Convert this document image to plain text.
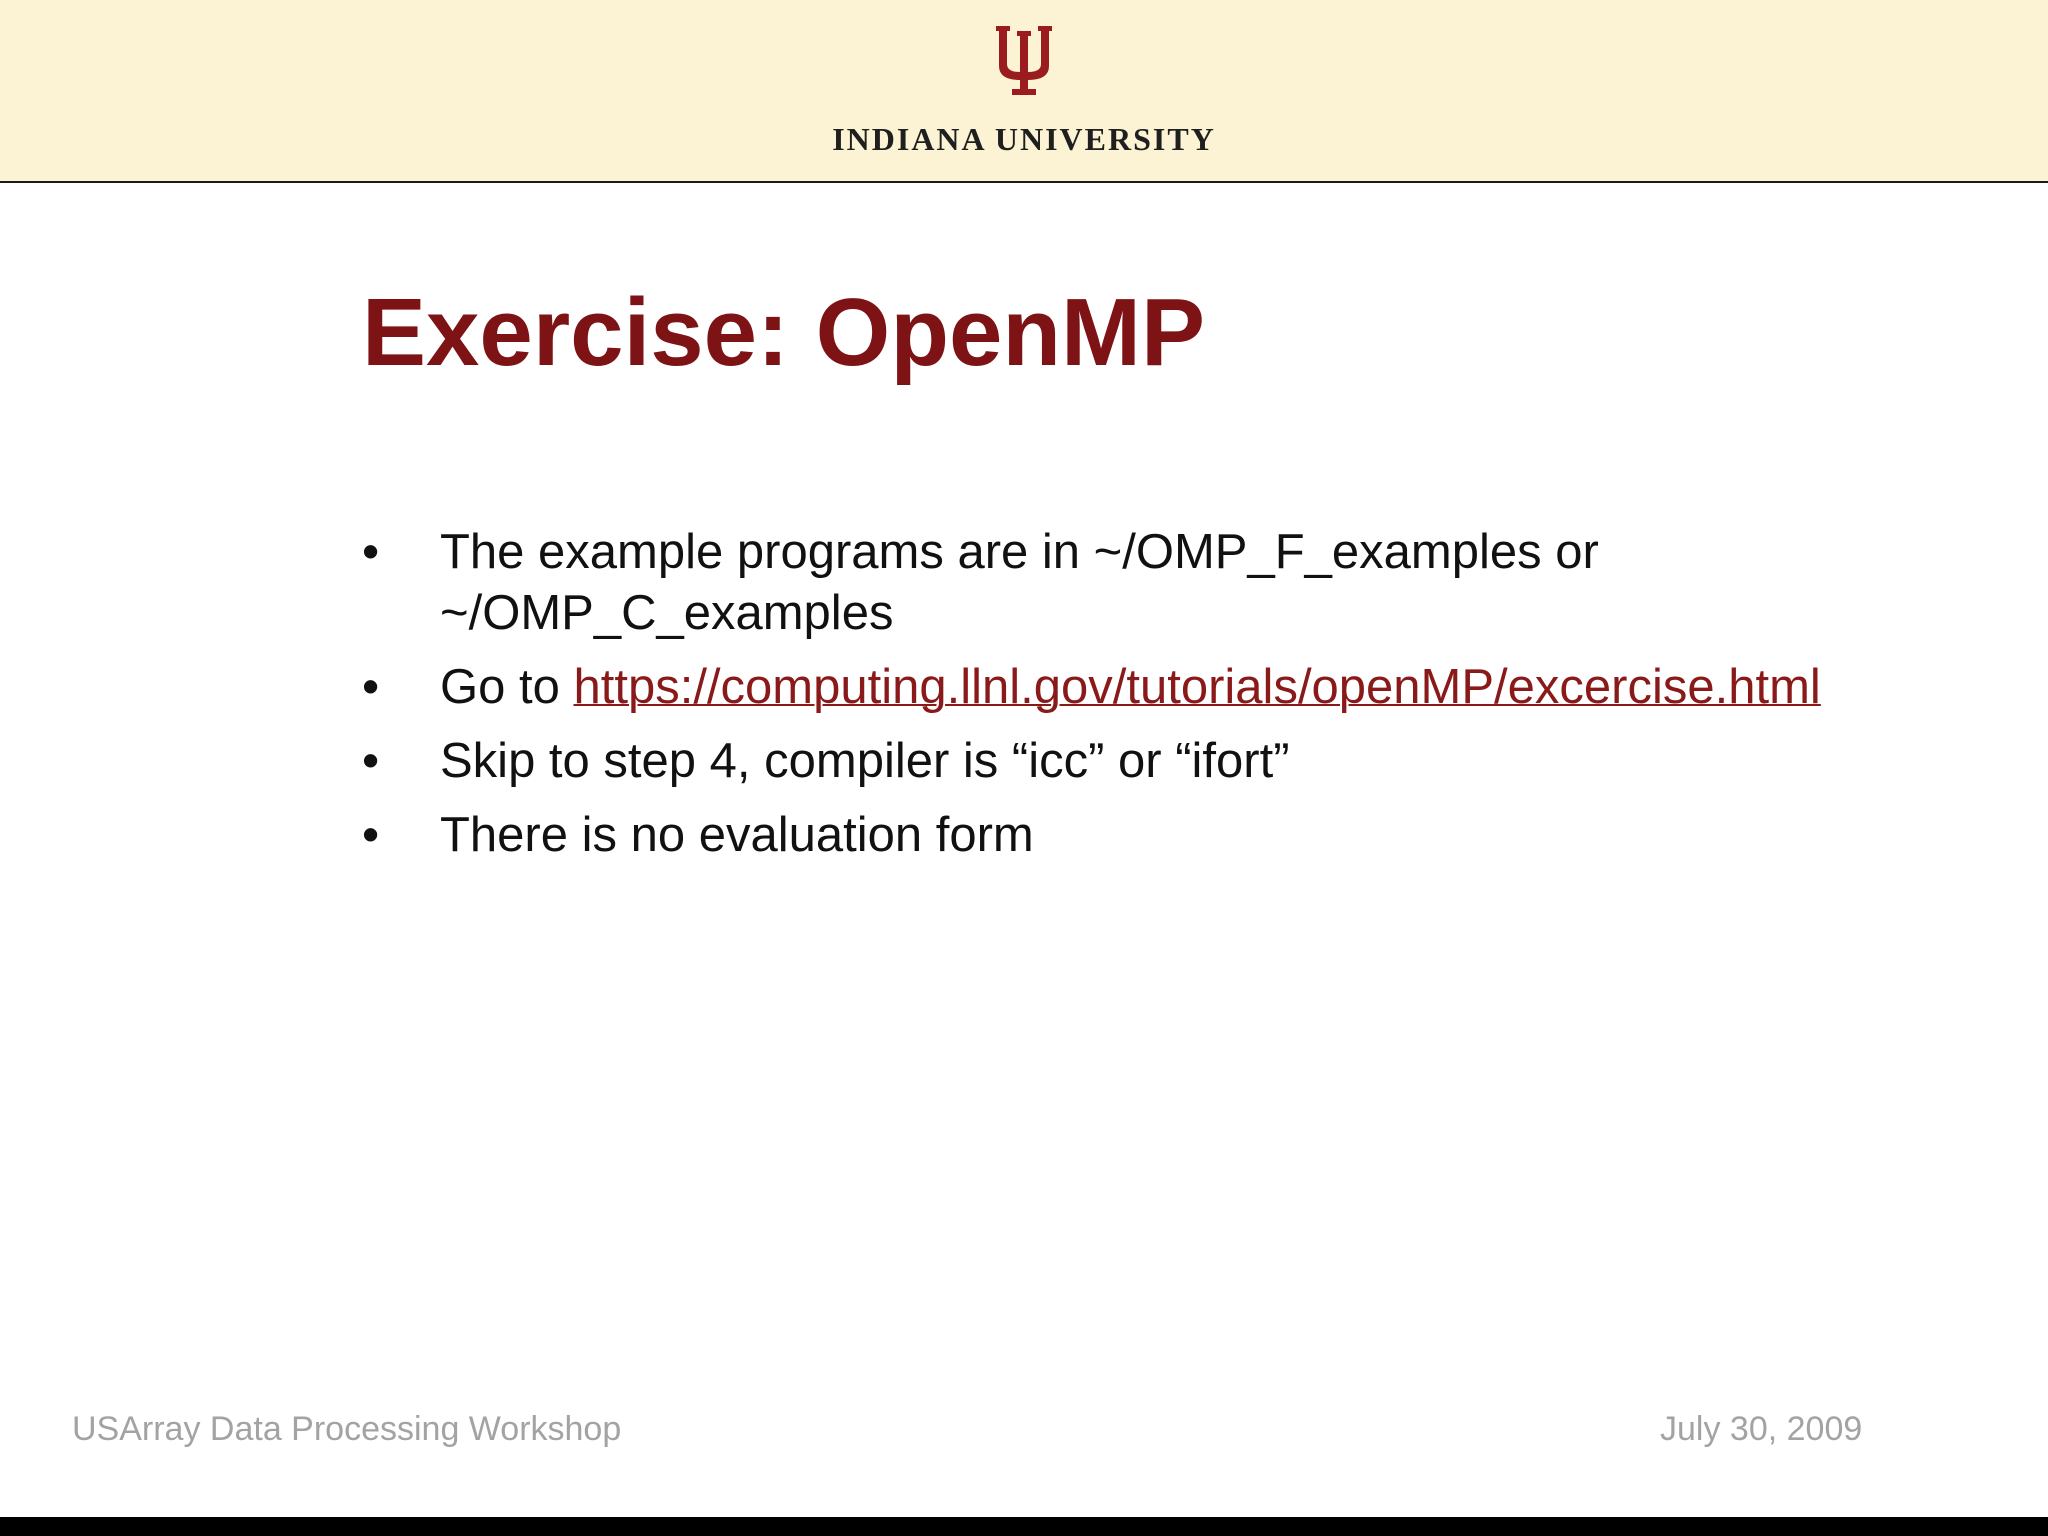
INDIANA UNIVERSITY
Exercise: OpenMP
• The example programs are in ~/OMP_F_examples or ~/OMP_C_examples
• Go to https://computing.llnl.gov/tutorials/openMP/excercise.html
• Skip to step 4, compiler is “icc” or “ifort”
• There is no evaluation form
USArray Data Processing Workshop	July 30, 2009
